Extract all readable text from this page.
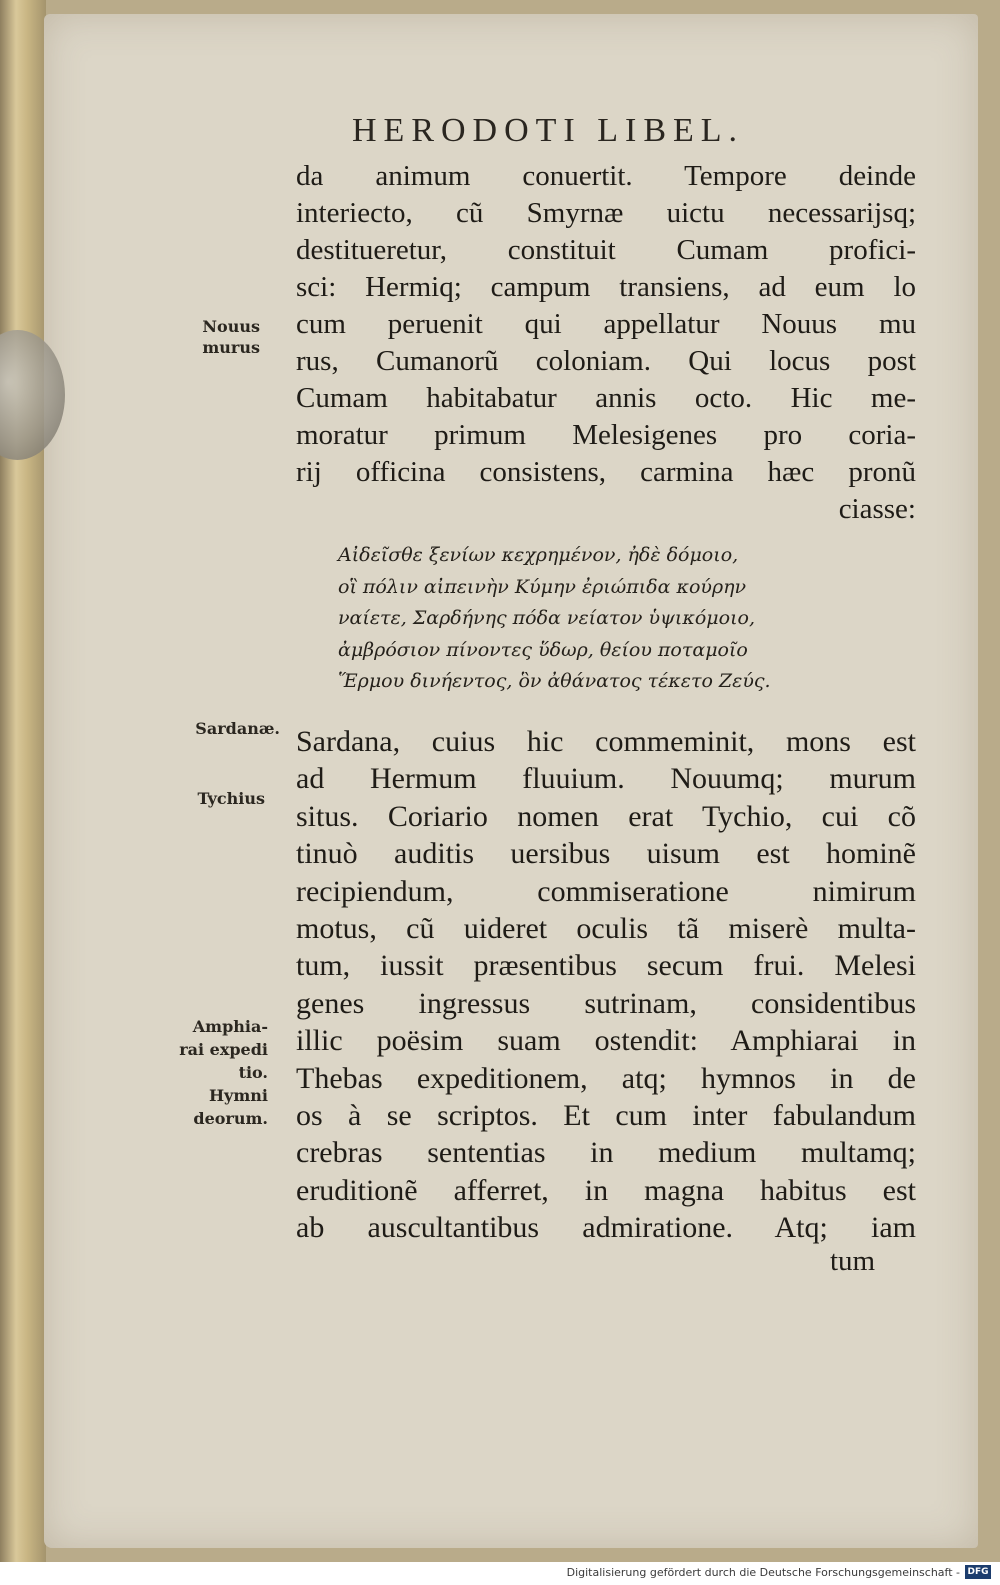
HERODOTI LIBEL.

da animum conuertit. Tempore deinde
interiecto, cũ Smyrnæ uictu necessarijsq;
destitueretur, constituit Cumam profici-
sci: Hermiq; campum transiens, ad eum lo
cum peruenit qui appellatur Nouus mu
rus, Cumanorũ coloniam. Qui locus post
Cumam habitabatur annis octo. Hic me-
moratur primum Melesigenes pro coria-
rij officina consistens, carmina hæc pronũ
ciasse:

Αἰδεῖσθε ξενίων κεχρημένον, ἠδὲ δόμοιο,
οἳ πόλιν αἰπεινὴν Κύμην ἐριώπιδα κούρην
ναίετε, Σαρδήνης πόδα νείατον ὑψικόμοιο,
ἀμβρόσιον πίνοντες ὕδωρ, θείου ποταμοῖο
Ἕρμου δινήεντος, ὃν ἀθάνατος τέκετο Ζεύς.

Sardana, cuius hic commeminit, mons est
ad Hermum fluuium. Nouumq; murum
situs. Coriario nomen erat Tychio, cui cõ
tinuò auditis uersibus uisum est hominẽ
recipiendum, commiseratione nimirum
motus, cũ uideret oculis tã miserè multa-
tum, iussit præsentibus secum frui. Melesi
genes ingressus sutrinam, considentibus
illic poësim suam ostendit: Amphiarai in
Thebas expeditionem, atq; hymnos in de
os à se scriptos. Et cum inter fabulandum
crebras sententias in medium multamq;
eruditionẽ afferret, in magna habitus est
ab auscultantibus admiratione. Atq; iam

tum
Nouus
murus
Sardanæ.
Tychius
Amphia-
rai expedi
tio.
Hymni
deorum.
Digitalisierung gefördert durch die Deutsche Forschungsgemeinschaft - DFG
